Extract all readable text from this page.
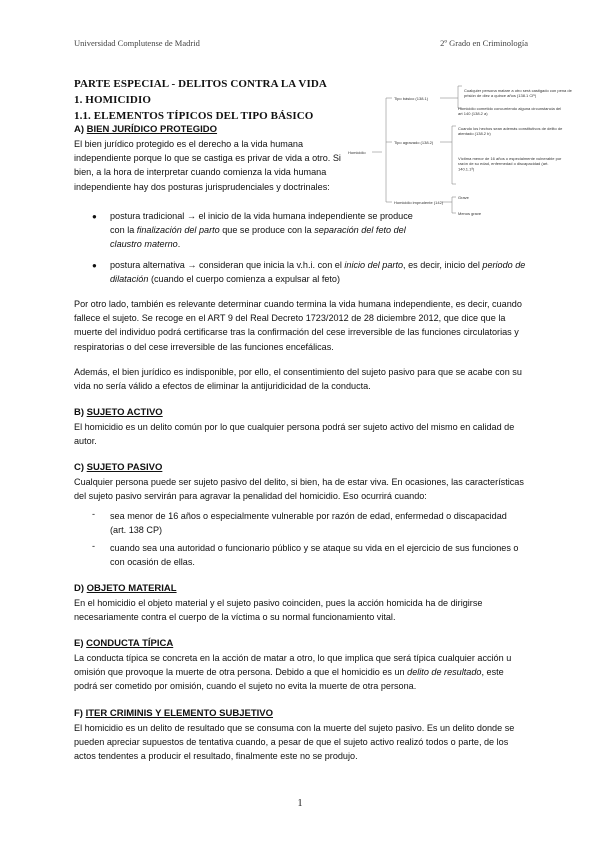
Universidad Complutense de Madrid	2º Grado en Criminología
PARTE ESPECIAL - DELITOS CONTRA LA VIDA
1. HOMICIDIO
1.1. ELEMENTOS TÍPICOS DEL TIPO BÁSICO
A) BIEN JURÍDICO PROTEGIDO
El bien jurídico protegido es el derecho a la vida humana independiente porque lo que se castiga es privar de vida a otro. Si bien, a la hora de interpretar cuando comienza la vida humana independiente hay dos posturas jurisprudenciales y doctrinales:
● postura tradicional → el inicio de la vida humana independiente se produce con la finalización del parto que se produce con la separación del feto del claustro materno.
● postura alternativa → consideran que inicia la v.h.i. con el inicio del parto, es decir, inicio del periodo de dilatación (cuando el cuerpo comienza a expulsar al feto)
Por otro lado, también es relevante determinar cuando termina la vida humana independiente, es decir, cuando fallece el sujeto. Se recoge en el ART 9 del Real Decreto 1723/2012 de 28 diciembre 2012, que dice que la muerte del individuo podrá certificarse tras la confirmación del cese irreversible de las funciones circulatorias y respiratorias o del cese irreversible de las funciones encefálicas.
Además, el bien jurídico es indisponible, por ello, el consentimiento del sujeto pasivo para que se acabe con su vida no sería válido a efectos de eliminar la antijuridicidad de la conducta.
B) SUJETO ACTIVO
El homicidio es un delito común por lo que cualquier persona podrá ser sujeto activo del mismo en calidad de autor.
C) SUJETO PASIVO
Cualquier persona puede ser sujeto pasivo del delito, si bien, ha de estar viva. En ocasiones, las características del sujeto pasivo servirán para agravar la penalidad del homicidio. Eso ocurrirá cuando:
- sea menor de 16 años o especialmente vulnerable por razón de edad, enfermedad o discapacidad (art. 138 CP)
- cuando sea una autoridad o funcionario público y se ataque su vida en el ejercicio de sus funciones o con ocasión de ellas.
D) OBJETO MATERIAL
En el homicidio el objeto material y el sujeto pasivo coinciden, pues la acción homicida ha de dirigirse necesariamente contra el cuerpo de la víctima o su normal funcionamiento vital.
E) CONDUCTA TÍPICA
La conducta típica se concreta en la acción de matar a otro, lo que implica que será típica cualquier acción u omisión que provoque la muerte de otra persona. Debido a que el homicidio es un delito de resultado, este podrá ser cometido por omisión, cuando el sujeto no evita la muerte de otra persona.
F) ITER CRIMINIS Y ELEMENTO SUBJETIVO
El homicidio es un delito de resultado que se consuma con la muerte del sujeto pasivo. Es un delito donde se pueden apreciar supuestos de tentativa cuando, a pesar de que el sujeto activo realizó todos o parte, de los actos tendentes a producir el resultado, finalmente este no se produjo.
Homicidio
Tipo básico (138.1)
Tipo agravado (138.2)
Homicidio imprudente (142)
Cualquier persona matare a otro será castigado con pena de prisión de diez a quince años (138.1 CP)
Homicidio cometido concurriendo alguna circunstancia del art 140 (138.2 a)
Cuando los hechos sean además constitutivos de delito de atentado (138.2 b)
Víctima menor de 16 años o especialmente vulnerable por razón de su edad, enfermedad o discapacidad (art. 140.1.1ª)
Grave
Menos grave
1
